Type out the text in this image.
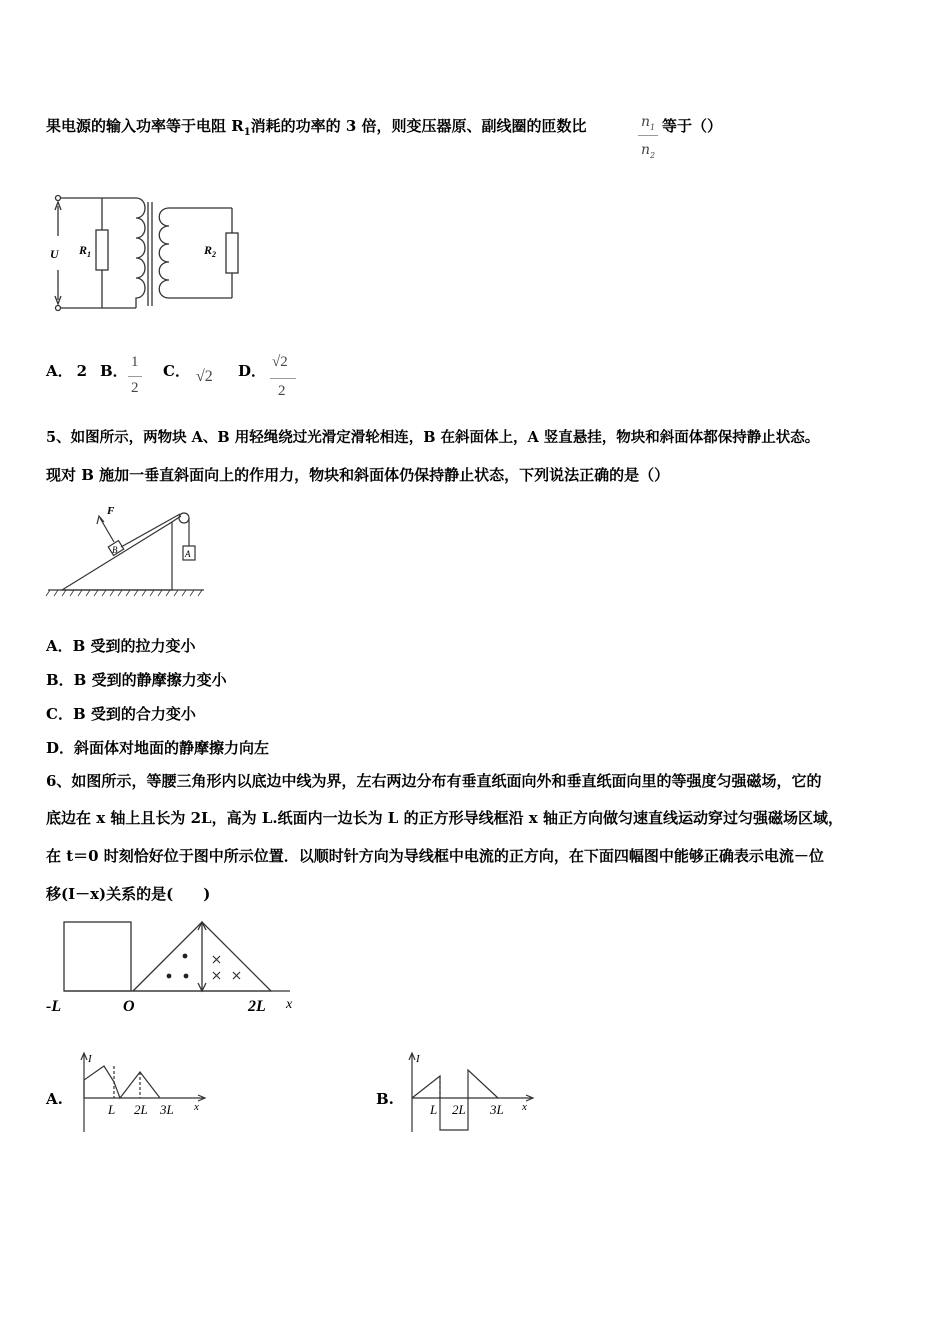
果电源的输入功率等于电阻 $R_1$消耗的功率的 3 倍，则变压器原、副线圈的匝数比	$n_1$
$n_2$
等于（）
U $R_1$	$R_2$
A． 2 B． 1
2
C． √2 D． √2
2
5、如图所示，两物块 A、B 用轻绳绕过光滑定滑轮相连，B 在斜面体上，A 竖直悬挂，物块和斜面体都保持静止状态。
现对 B 施加一垂直斜面向上的作用力，物块和斜面体仍保持静止状态，下列说法正确的是（）
F
B	A
A．B 受到的拉力变小
B．B 受到的静摩擦力变小
C．B 受到的合力变小
D．斜面体对地面的静摩擦力向左
6、如图所示，等腰三角形内以底边中线为界，左右两边分布有垂直纸面向外和垂直纸面向里的等强度匀强磁场，它的
底边在 x 轴上且长为 2L，高为 L.纸面内一边长为 L 的正方形导线框沿 x 轴正方向做匀速直线运动穿过匀强磁场区域，
在 t＝0 时刻恰好位于图中所示位置．以顺时针方向为导线框中电流的正方向，在下面四幅图中能够正确表示电流－位
移(I－x)关系的是(　　)
-L	O	2L x
A.
I
x
L 2L 3L
B.
I
x
L 2L 3L
